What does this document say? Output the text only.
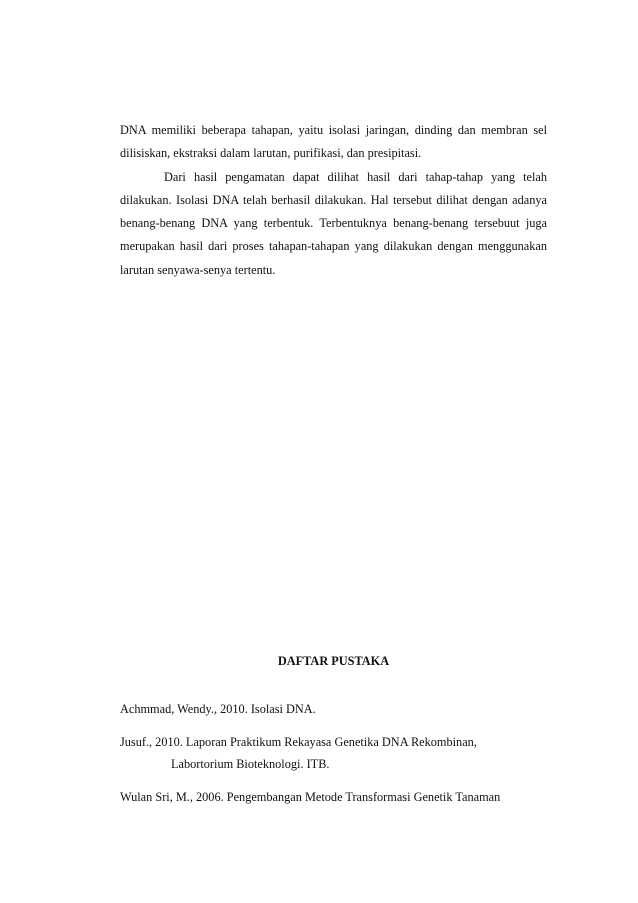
DNA memiliki beberapa tahapan, yaitu isolasi jaringan, dinding dan membran sel dilisiskan, ekstraksi dalam larutan, purifikasi, dan presipitasi.

Dari hasil pengamatan dapat dilihat hasil dari tahap-tahap yang telah dilakukan. Isolasi DNA telah berhasil dilakukan. Hal tersebut dilihat dengan adanya benang-benang DNA yang terbentuk. Terbentuknya benang-benang tersebuut juga merupakan hasil dari proses tahapan-tahapan yang dilakukan dengan menggunakan larutan senyawa-senya tertentu.

DAFTAR PUSTAKA

Achmmad, Wendy., 2010. Isolasi DNA.

Jusuf., 2010. Laporan Praktikum Rekayasa Genetika DNA Rekombinan,
Labortorium Bioteknologi. ITB.

Wulan Sri, M., 2006. Pengembangan Metode Transformasi Genetik Tanaman
